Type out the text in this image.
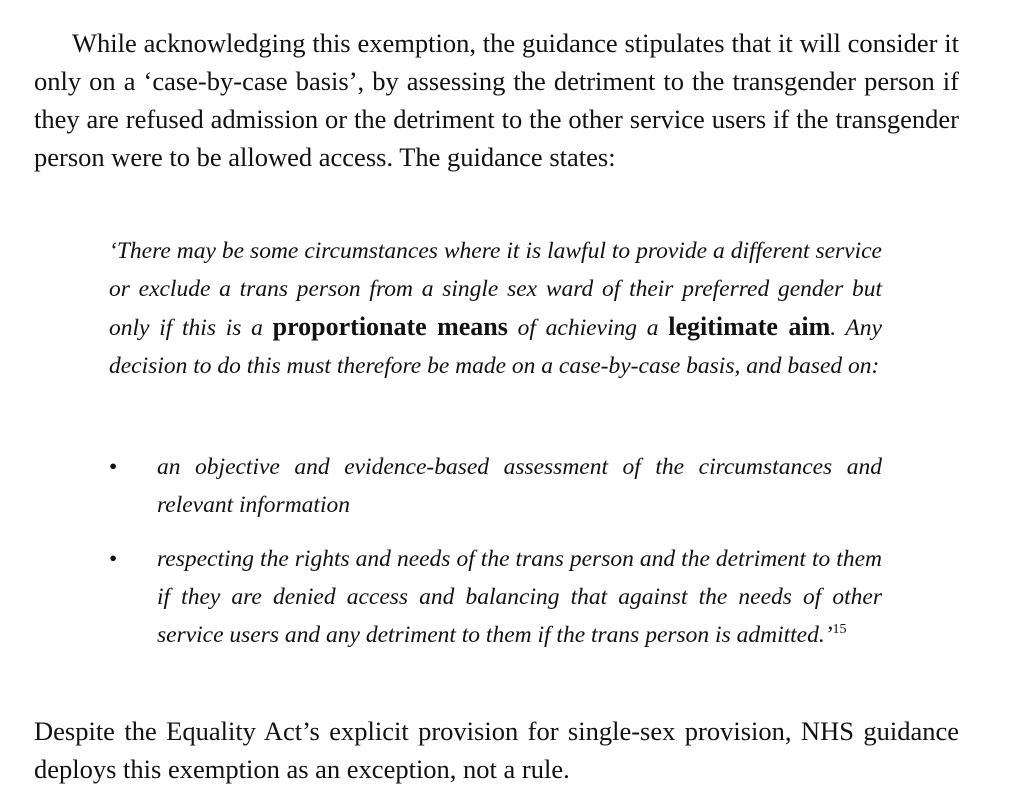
While acknowledging this exemption, the guidance stipulates that it will consider it only on a ‘case-by-case basis’, by assessing the detriment to the transgender person if they are refused admission or the detriment to the other service users if the transgender person were to be allowed access. The guidance states:

‘There may be some circumstances where it is lawful to provide a different service or exclude a trans person from a single sex ward of their preferred gender but only if this is a proportionate means of achieving a legitimate aim. Any decision to do this must therefore be made on a case-by-case basis, and based on:

• an objective and evidence-based assessment of the circumstances and relevant information
• respecting the rights and needs of the trans person and the detriment to them if they are denied access and balancing that against the needs of other service users and any detriment to them if the trans person is admitted.’$^{15}$

Despite the Equality Act’s explicit provision for single-sex provision, NHS guidance deploys this exemption as an exception, not a rule.
